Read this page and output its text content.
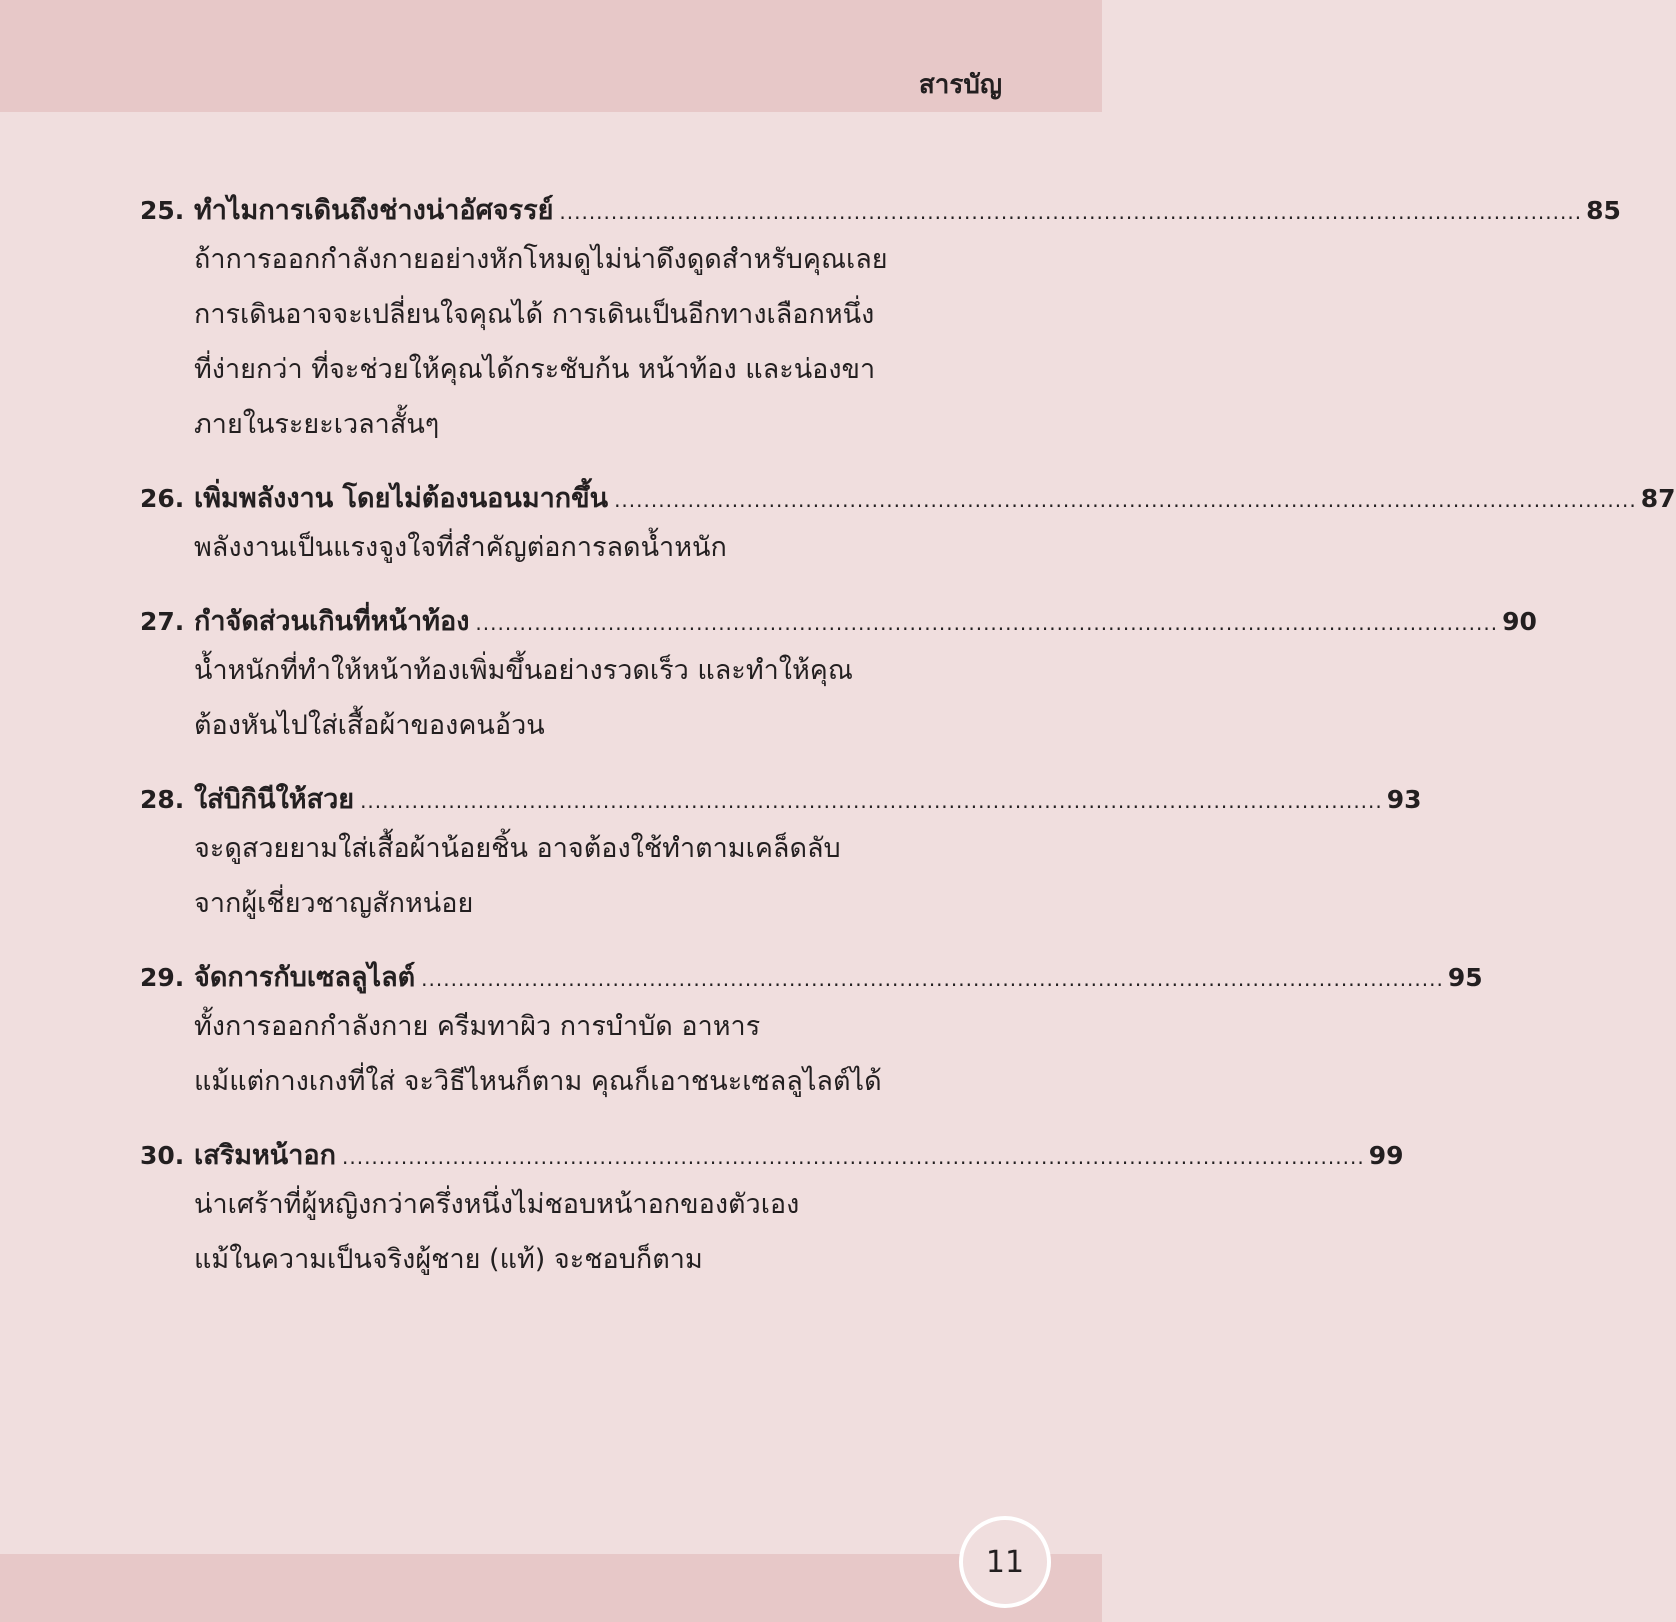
สารบัญ
25. ทำไมการเดินถึงช่างน่าอัศจรรย์ ........................................................................................................................................... 85
ถ้าการออกกำลังกายอย่างหักโหมดูไม่น่าดึงดูดสำหรับคุณเลย
การเดินอาจจะเปลี่ยนใจคุณได้ การเดินเป็นอีกทางเลือกหนึ่ง
ที่ง่ายกว่า ที่จะช่วยให้คุณได้กระชับก้น หน้าท้อง และน่องขา
ภายในระยะเวลาสั้นๆ
26. เพิ่มพลังงาน โดยไม่ต้องนอนมากขึ้น ........................................................................................................................................... 87
พลังงานเป็นแรงจูงใจที่สำคัญต่อการลดน้ำหนัก
27. กำจัดส่วนเกินที่หน้าท้อง ........................................................................................................................................... 90
น้ำหนักที่ทำให้หน้าท้องเพิ่มขึ้นอย่างรวดเร็ว และทำให้คุณ
ต้องหันไปใส่เสื้อผ้าของคนอ้วน
28. ใส่บิกินีให้สวย ........................................................................................................................................... 93
จะดูสวยยามใส่เสื้อผ้าน้อยชิ้น อาจต้องใช้ทำตามเคล็ดลับ
จากผู้เชี่ยวชาญสักหน่อย
29. จัดการกับเซลลูไลต์ ........................................................................................................................................... 95
ทั้งการออกกำลังกาย ครีมทาผิว การบำบัด อาหาร
แม้แต่กางเกงที่ใส่ จะวิธีไหนก็ตาม คุณก็เอาชนะเซลลูไลต์ได้
30. เสริมหน้าอก ........................................................................................................................................... 99
น่าเศร้าที่ผู้หญิงกว่าครึ่งหนึ่งไม่ชอบหน้าอกของตัวเอง
แม้ในความเป็นจริงผู้ชาย (แท้) จะชอบก็ตาม
11
